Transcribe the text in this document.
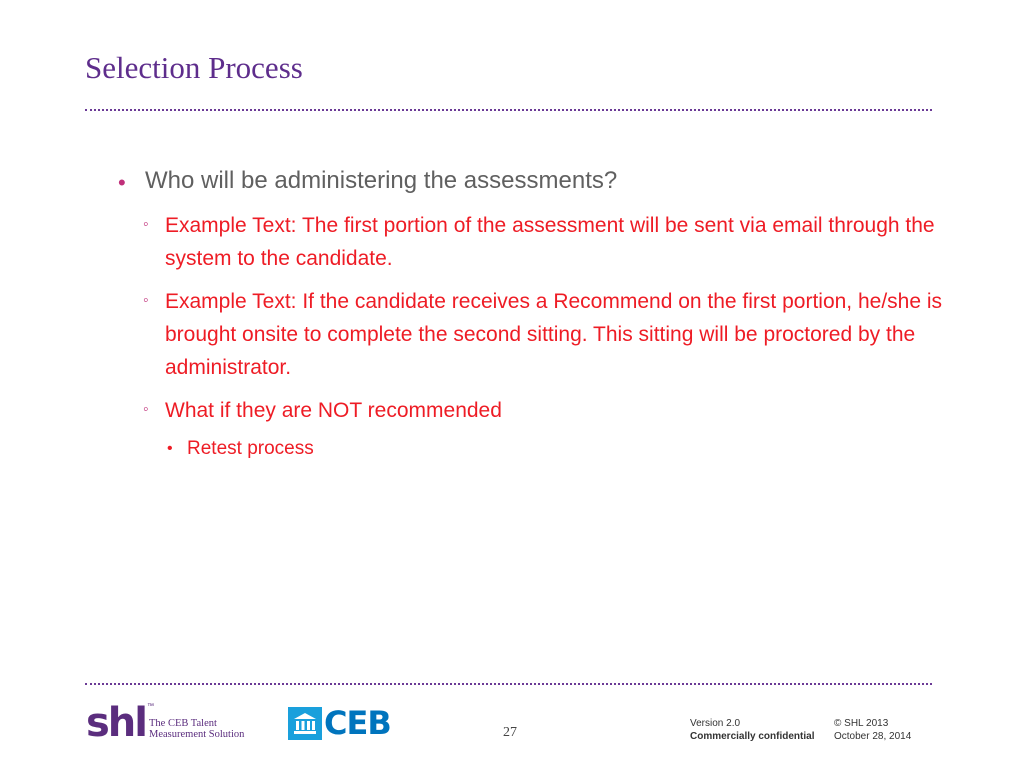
Selection Process
• Who will be administering the assessments?
◦ Example Text: The first portion of the assessment will be sent via email through the system to the candidate.
◦ Example Text: If the candidate receives a Recommend on the first portion, he/she is brought onsite to complete the second sitting. This sitting will be proctored by the administrator.
◦ What if they are NOT recommended
• Retest process
shl ™
The CEB Talent
Measurement Solution CEB	27
Version 2.0
Commercially confidential
© SHL 2013
October 28, 2014
